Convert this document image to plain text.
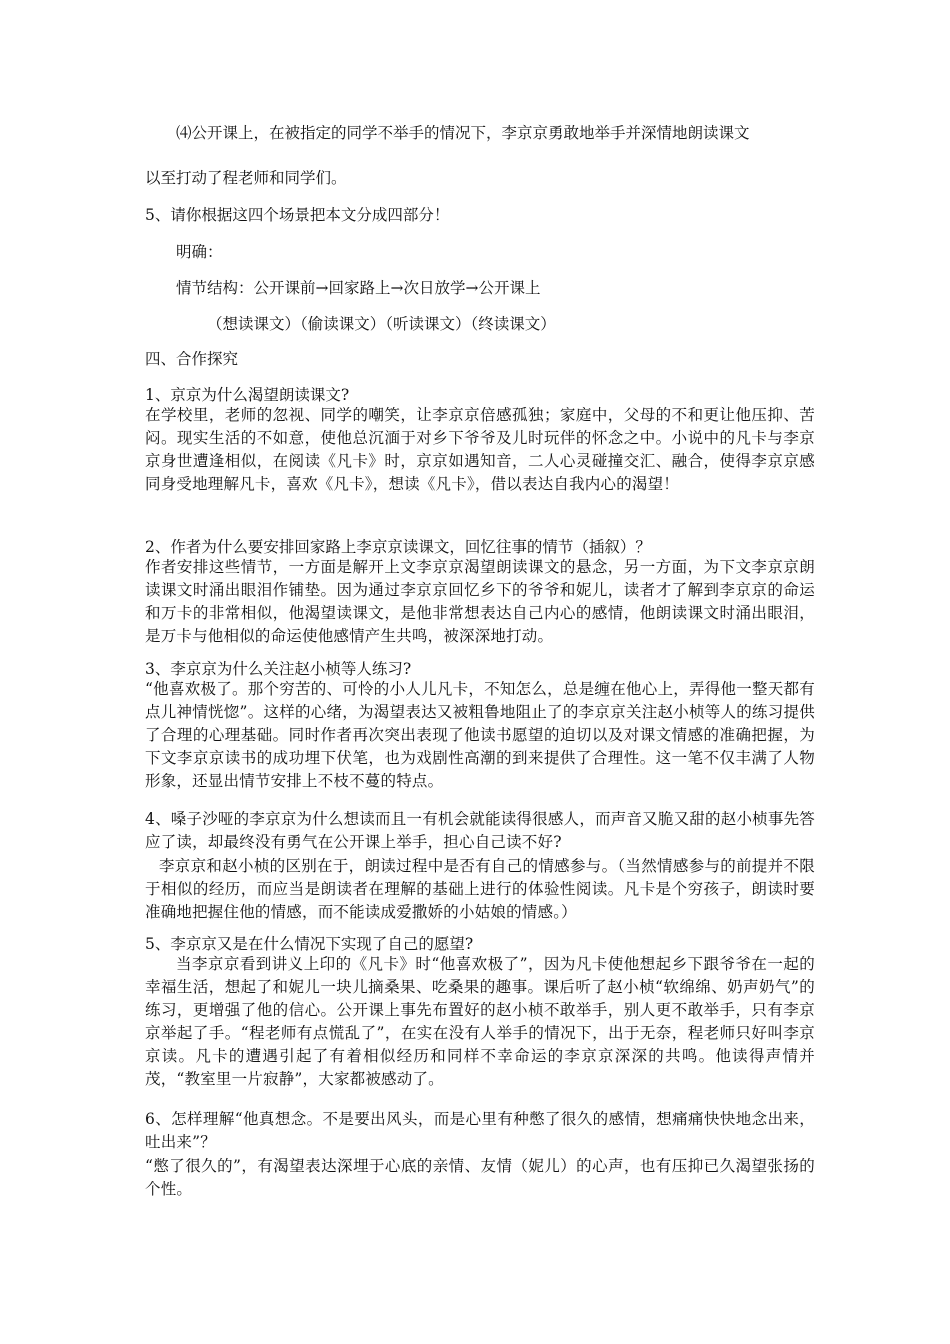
⑷公开课上，在被指定的同学不举手的情况下，李京京勇敢地举手并深情地朗读课文
以至打动了程老师和同学们。
5、请你根据这四个场景把本文分成四部分！
明确：
情节结构：公开课前→回家路上→次日放学→公开课上
（想读课文）（偷读课文）（听读课文）（终读课文）
四、合作探究
1、京京为什么渴望朗读课文?
在学校里，老师的忽视、同学的嘲笑，让李京京倍感孤独；家庭中，父母的不和更让他压抑、苦闷。现实生活的不如意，使他总沉湎于对乡下爷爷及儿时玩伴的怀念之中。小说中的凡卡与李京京身世遭逢相似，在阅读《凡卡》时，京京如遇知音，二人心灵碰撞交汇、融合，使得李京京感同身受地理解凡卡，喜欢《凡卡》，想读《凡卡》，借以表达自我内心的渴望！
2、作者为什么要安排回家路上李京京读课文，回忆往事的情节（插叙）？
作者安排这些情节，一方面是解开上文李京京渴望朗读课文的悬念，另一方面，为下文李京京朗读课文时涌出眼泪作铺垫。因为通过李京京回忆乡下的爷爷和妮儿，读者才了解到李京京的命运和万卡的非常相似，他渴望读课文，是他非常想表达自己内心的感情，他朗读课文时涌出眼泪，是万卡与他相似的命运使他感情产生共鸣，被深深地打动。
3、李京京为什么关注赵小桢等人练习?
“他喜欢极了。那个穷苦的、可怜的小人儿凡卡，不知怎么，总是缠在他心上，弄得他一整天都有点儿神情恍惚”。这样的心绪，为渴望表达又被粗鲁地阻止了的李京京关注赵小桢等人的练习提供了合理的心理基础。同时作者再次突出表现了他读书愿望的迫切以及对课文情感的准确把握，为下文李京京读书的成功埋下伏笔，也为戏剧性高潮的到来提供了合理性。这一笔不仅丰满了人物形象，还显出情节安排上不枝不蔓的特点。
4、嗓子沙哑的李京京为什么想读而且一有机会就能读得很感人，而声音又脆又甜的赵小桢事先答应了读，却最终没有勇气在公开课上举手，担心自己读不好?
李京京和赵小桢的区别在于，朗读过程中是否有自己的情感参与。（当然情感参与的前提并不限于相似的经历，而应当是朗读者在理解的基础上进行的体验性阅读。凡卡是个穷孩子，朗读时要准确地把握住他的情感，而不能读成爱撒娇的小姑娘的情感。）
5、李京京又是在什么情况下实现了自己的愿望?
当李京京看到讲义上印的《凡卡》时“他喜欢极了”，因为凡卡使他想起乡下跟爷爷在一起的幸福生活，想起了和妮儿一块儿摘桑果、吃桑果的趣事。课后听了赵小桢“软绵绵、奶声奶气”的练习，更增强了他的信心。公开课上事先布置好的赵小桢不敢举手，别人更不敢举手，只有李京京举起了手。“程老师有点慌乱了”，在实在没有人举手的情况下，出于无奈，程老师只好叫李京京读。凡卡的遭遇引起了有着相似经历和同样不幸命运的李京京深深的共鸣。他读得声情并茂，“教室里一片寂静”，大家都被感动了。
6、怎样理解“他真想念。不是要出风头，而是心里有种憋了很久的感情，想痛痛快快地念出来，吐出来”？
“憋了很久的”，有渴望表达深埋于心底的亲情、友情（妮儿）的心声，也有压抑已久渴望张扬的个性。
